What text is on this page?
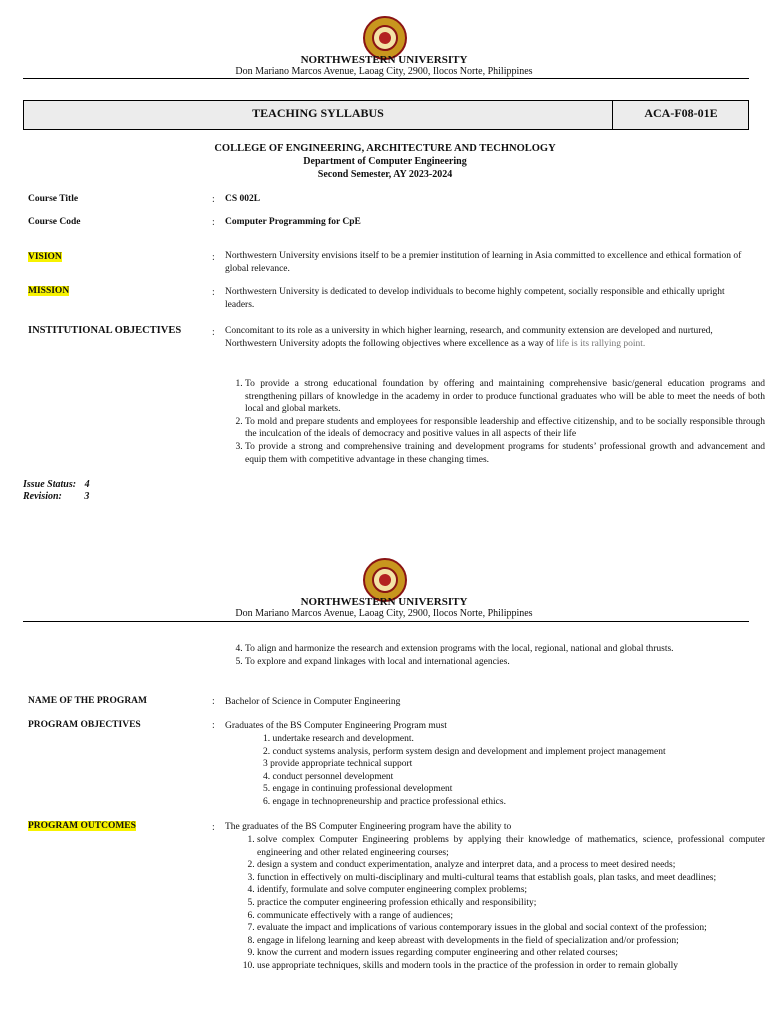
NORTHWESTERN UNIVERSITY
Don Mariano Marcos Avenue, Laoag City, 2900, Ilocos Norte, Philippines
TEACHING SYLLABUS	ACA-F08-01E
COLLEGE OF ENGINEERING, ARCHITECTURE AND TECHNOLOGY
Department of Computer Engineering
Second Semester, AY 2023-2024
Course Title	: CS 002L
Course Code	: Computer Programming for CpE
VISION	: Northwestern University envisions itself to be a premier institution of learning in Asia committed to excellence and ethical formation of global relevance.
MISSION	: Northwestern University is dedicated to develop individuals to become highly competent, socially responsible and ethically upright leaders.
INSTITUTIONAL OBJECTIVES	: Concomitant to its role as a university in which higher learning, research, and community extension are developed and nurtured, Northwestern University adopts the following objectives where excellence as a way of life is its rallying point.
1. To provide a strong educational foundation by offering and maintaining comprehensive basic/general education programs and strengthening pillars of knowledge in the academy in order to produce functional graduates who will be able to meet the needs of both local and global markets.
2. To mold and prepare students and employees for responsible leadership and effective citizenship, and to be socially responsible through the inculcation of the ideals of democracy and positive values in all aspects of their life
3. To provide a strong and comprehensive training and development programs for students’ professional growth and advancement and equip them with competitive advantage in these changing times.
Issue Status: 4
Revision: 3
NORTHWESTERN UNIVERSITY
Don Mariano Marcos Avenue, Laoag City, 2900, Ilocos Norte, Philippines
4. To align and harmonize the research and extension programs with the local, regional, national and global thrusts.
5. To explore and expand linkages with local and international agencies.
NAME OF THE PROGRAM	: Bachelor of Science in Computer Engineering
PROGRAM OBJECTIVES	: Graduates of the BS Computer Engineering Program must
1. undertake research and development.
2. conduct systems analysis, perform system design and development and implement project management
3 provide appropriate technical support
4. conduct personnel development
5. engage in continuing professional development
6. engage in technopreneurship and practice professional ethics.
PROGRAM OUTCOMES	: The graduates of the BS Computer Engineering program have the ability to
1. solve complex Computer Engineering problems by applying their knowledge of mathematics, science, professional computer engineering and other related engineering courses;
2. design a system and conduct experimentation, analyze and interpret data, and a process to meet desired needs;
3. function in effectively on multi-disciplinary and multi-cultural teams that establish goals, plan tasks, and meet deadlines;
4. identify, formulate and solve computer engineering complex problems;
5. practice the computer engineering profession ethically and responsibility;
6. communicate effectively with a range of audiences;
7. evaluate the impact and implications of various contemporary issues in the global and social context of the profession;
8. engage in lifelong learning and keep abreast with developments in the field of specialization and/or profession;
9. know the current and modern issues regarding computer engineering and other related courses;
10. use appropriate techniques, skills and modern tools in the practice of the profession in order to remain globally
